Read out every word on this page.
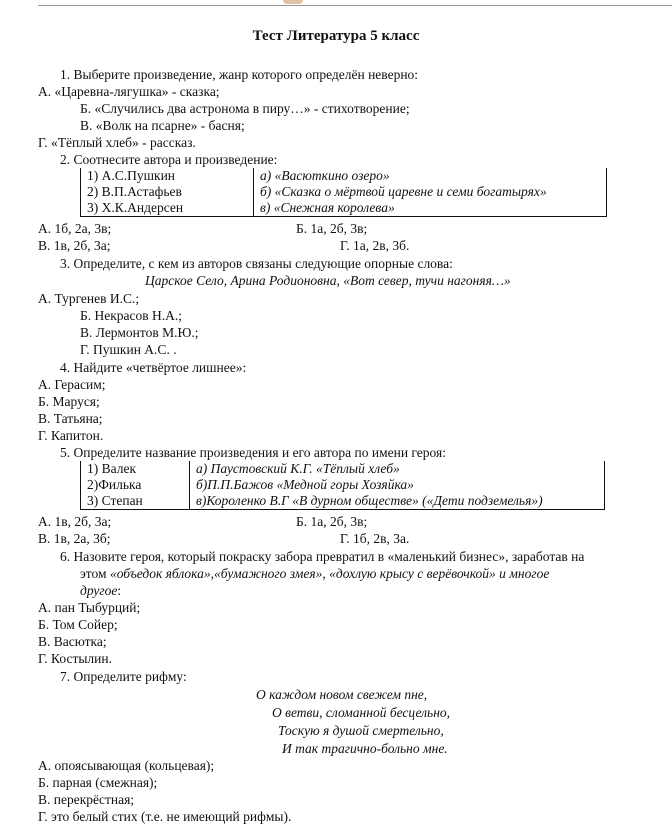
Тест Литература 5 класс
1. Выберите произведение, жанр которого определён неверно:
А. «Царевна-лягушка» - сказка;
Б. «Случились два астронома в пиру…» - стихотворение;
В. «Волк на псарне» - басня;
Г. «Тёплый хлеб» - рассказ.
2. Соотнесите автора и произведение:
1) А.С.Пушкин	а) «Васюткино озеро»
2) В.П.Астафьев	б) «Сказка о мёртвой царевне и семи богатырях»
3) Х.К.Андерсен	в) «Снежная королева»
А. 1б, 2а, 3в;	Б. 1а, 2б, 3в;
В. 1в, 2б, 3а;	Г. 1а, 2в, 3б.
3. Определите, с кем из авторов связаны следующие опорные слова:
Царское Село, Арина Родионовна, «Вот север, тучи нагоняя…»
А. Тургенев И.С.;
Б. Некрасов Н.А.;
В. Лермонтов М.Ю.;
Г. Пушкин А.С. .
4. Найдите «четвёртое лишнее»:
А. Герасим;
Б. Маруся;
В. Татьяна;
Г. Капитон.
5. Определите название произведения и его автора по имени героя:
1) Валек	а) Паустовский К.Г. «Тёплый хлеб»
2)Филька	б)П.П.Бажов «Медной горы Хозяйка»
3) Степан	в)Короленко В.Г «В дурном обществе» («Дети подземелья»)
А. 1в, 2б, 3а;	Б. 1а, 2б, 3в;
В. 1в, 2а, 3б;	Г. 1б, 2в, 3а.
6. Назовите героя, который покраску забора превратил в «маленький бизнес», заработав на
этом «объедок яблока»,«бумажного змея», «дохлую крысу с верёвочкой» и многое
другое:
А. пан Тыбурций;
Б. Том Сойер;
В. Васютка;
Г. Костылин.
7. Определите рифму:
О каждом новом свежем пне,
О ветви, сломанной бесцельно,
Тоскую я душой смертельно,
И так трагично-больно мне.
А. опоясывающая (кольцевая);
Б. парная (смежная);
В. перекрёстная;
Г. это белый стих (т.е. не имеющий рифмы).
